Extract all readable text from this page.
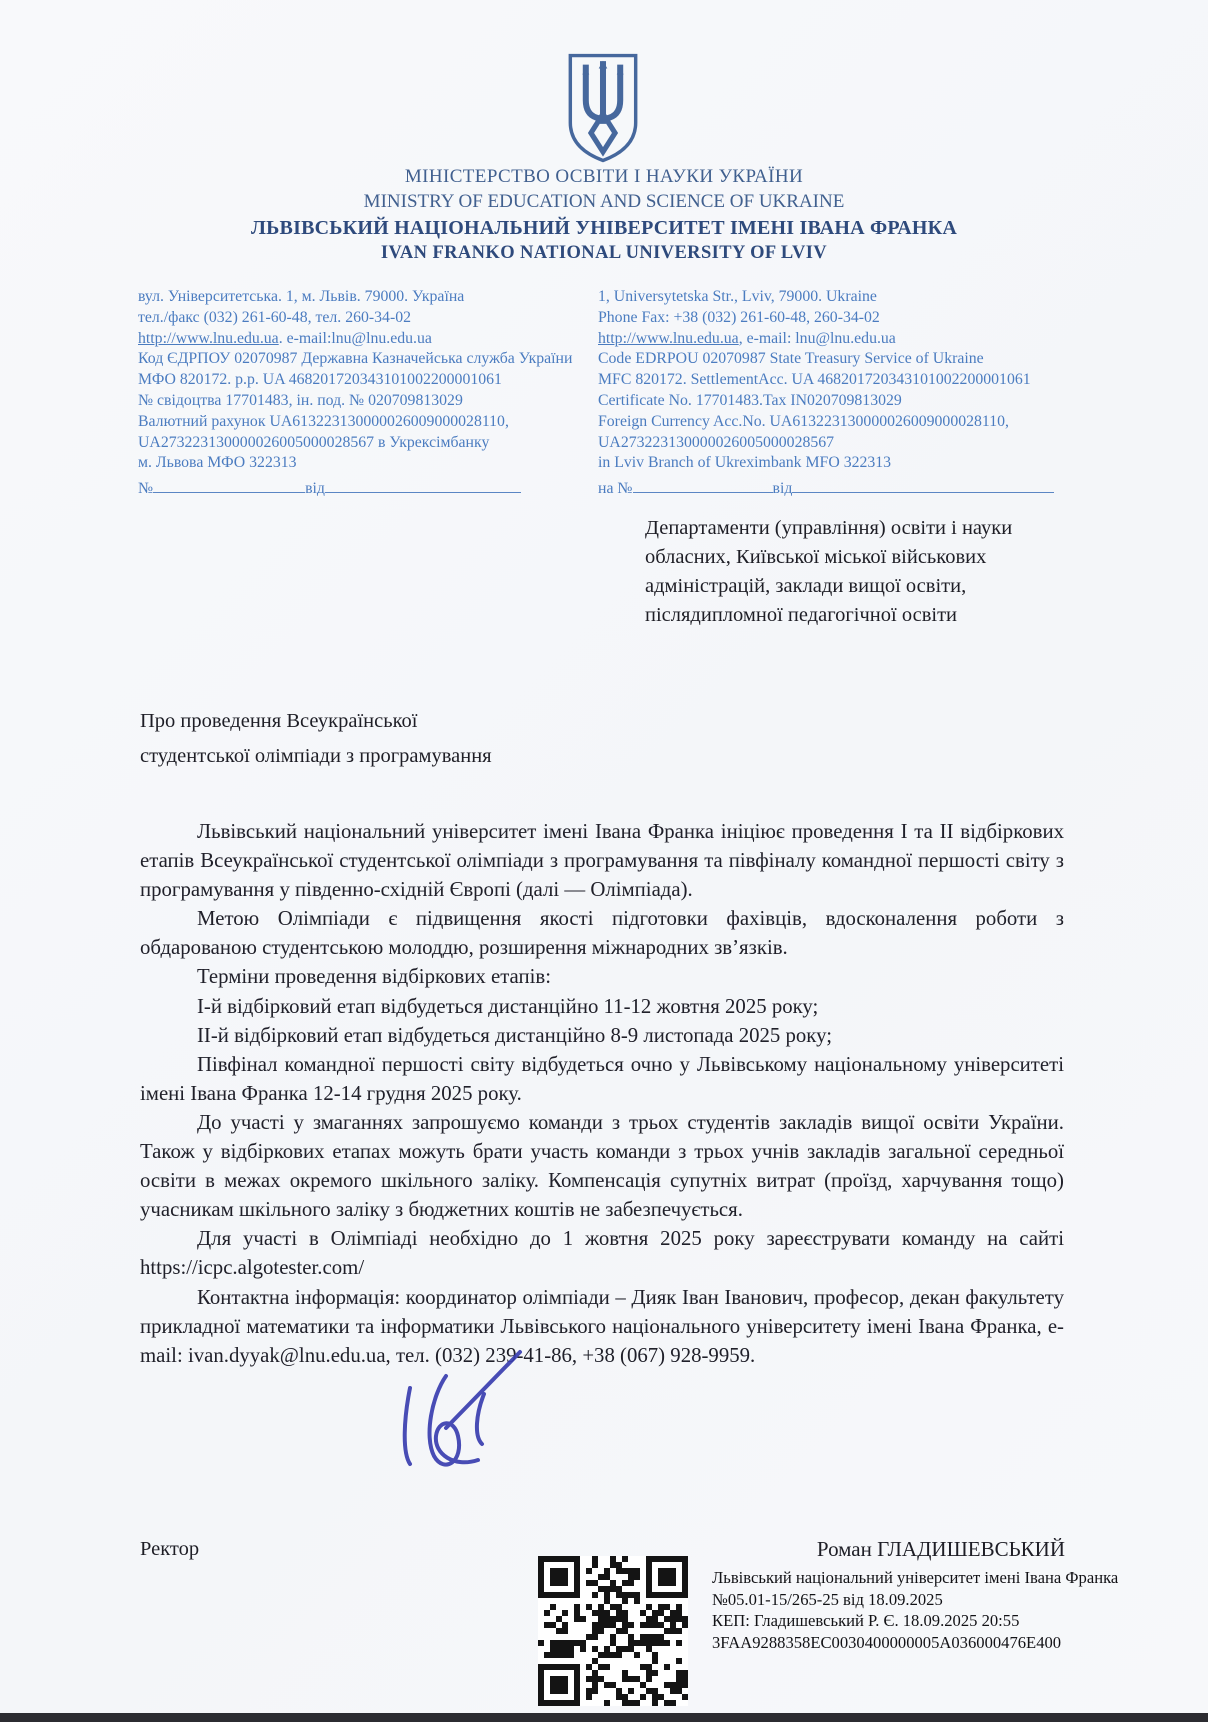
МІНІСТЕРСТВО ОСВІТИ І НАУКИ УКРАЇНИ
MINISTRY OF EDUCATION AND SCIENCE OF UKRAINE
ЛЬВІВСЬКИЙ НАЦІОНАЛЬНИЙ УНІВЕРСИТЕТ ІМЕНІ ІВАНА ФРАНКА
IVAN FRANKO NATIONAL UNIVERSITY OF LVIV
вул. Університетська. 1, м. Львів. 79000. Україна
тел./факс (032) 261-60-48, тел. 260-34-02
http://www.lnu.edu.ua. e-mail:lnu@lnu.edu.ua
Код ЄДРПОУ 02070987 Державна Казначейська служба України
МФО 820172. р.р. UA 468201720343101002200001061
№ свідоцтва 17701483, ін. под. № 020709813029
Валютний рахунок UA613223130000026009000028110,
UA273223130000026005000028567 в Укрексімбанку
м. Львова МФО 322313
№	від
1, Universytetska Str., Lviv, 79000. Ukraine
Phone Fax: +38 (032) 261-60-48, 260-34-02
http://www.lnu.edu.ua, e-mail: lnu@lnu.edu.ua
Code EDRPOU 02070987 State Treasury Service of Ukraine
MFC 820172. SettlementAcc. UA 468201720343101002200001061
Certificate No. 17701483.Tax IN020709813029
Foreign Currency Acc.No. UA613223130000026009000028110,
UA273223130000026005000028567
in Lviv Branch of Ukreximbank MFO 322313
на №	від
Департаменти (управління) освіти і науки
обласних, Київської міської військових
адміністрацій, заклади вищої освіти,
післядипломної педагогічної освіти
Про проведення Всеукраїнської
студентської олімпіади з програмування

Львівський національний університет імені Івана Франка ініціює проведення І та ІІ відбіркових етапів Всеукраїнської студентської олімпіади з програмування та півфіналу командної першості світу з програмування у південно-східній Європі (далі — Олімпіада).

Метою Олімпіади є підвищення якості підготовки фахівців, вдосконалення роботи з обдарованою студентською молоддю, розширення міжнародних зв’язків.

Терміни проведення відбіркових етапів:

І-й відбірковий етап відбудеться дистанційно 11-12 жовтня 2025 року;

ІІ-й відбірковий етап відбудеться дистанційно 8-9 листопада 2025 року;

Півфінал командної першості світу відбудеться очно у Львівському національному університеті імені Івана Франка 12-14 грудня 2025 року.

До участі у змаганнях запрошуємо команди з трьох студентів закладів вищої освіти України. Також у відбіркових етапах можуть брати участь команди з трьох учнів закладів загальної середньої освіти в межах окремого шкільного заліку. Компенсація супутніх витрат (проїзд, харчування тощо) учасникам шкільного заліку з бюджетних коштів не забезпечується.

Для участі в Олімпіаді необхідно до 1 жовтня 2025 року зареєструвати команду на сайті https://icpc.algotester.com/

Контактна інформація: координатор олімпіади – Дияк Іван Іванович, професор, декан факультету прикладної математики та інформатики Львівського національного університету імені Івана Франка, e-mail: ivan.dyyak@lnu.edu.ua, тел. (032) 239-41-86, +38 (067) 928-9959.

Ректор	Роман ГЛАДИШЕВСЬКИЙ
Львівський національний університет імені Івана Франка
№05.01-15/265-25 від 18.09.2025
КЕП: Гладишевський Р. Є. 18.09.2025 20:55
3FAA9288358EC0030400000005A036000476E400
